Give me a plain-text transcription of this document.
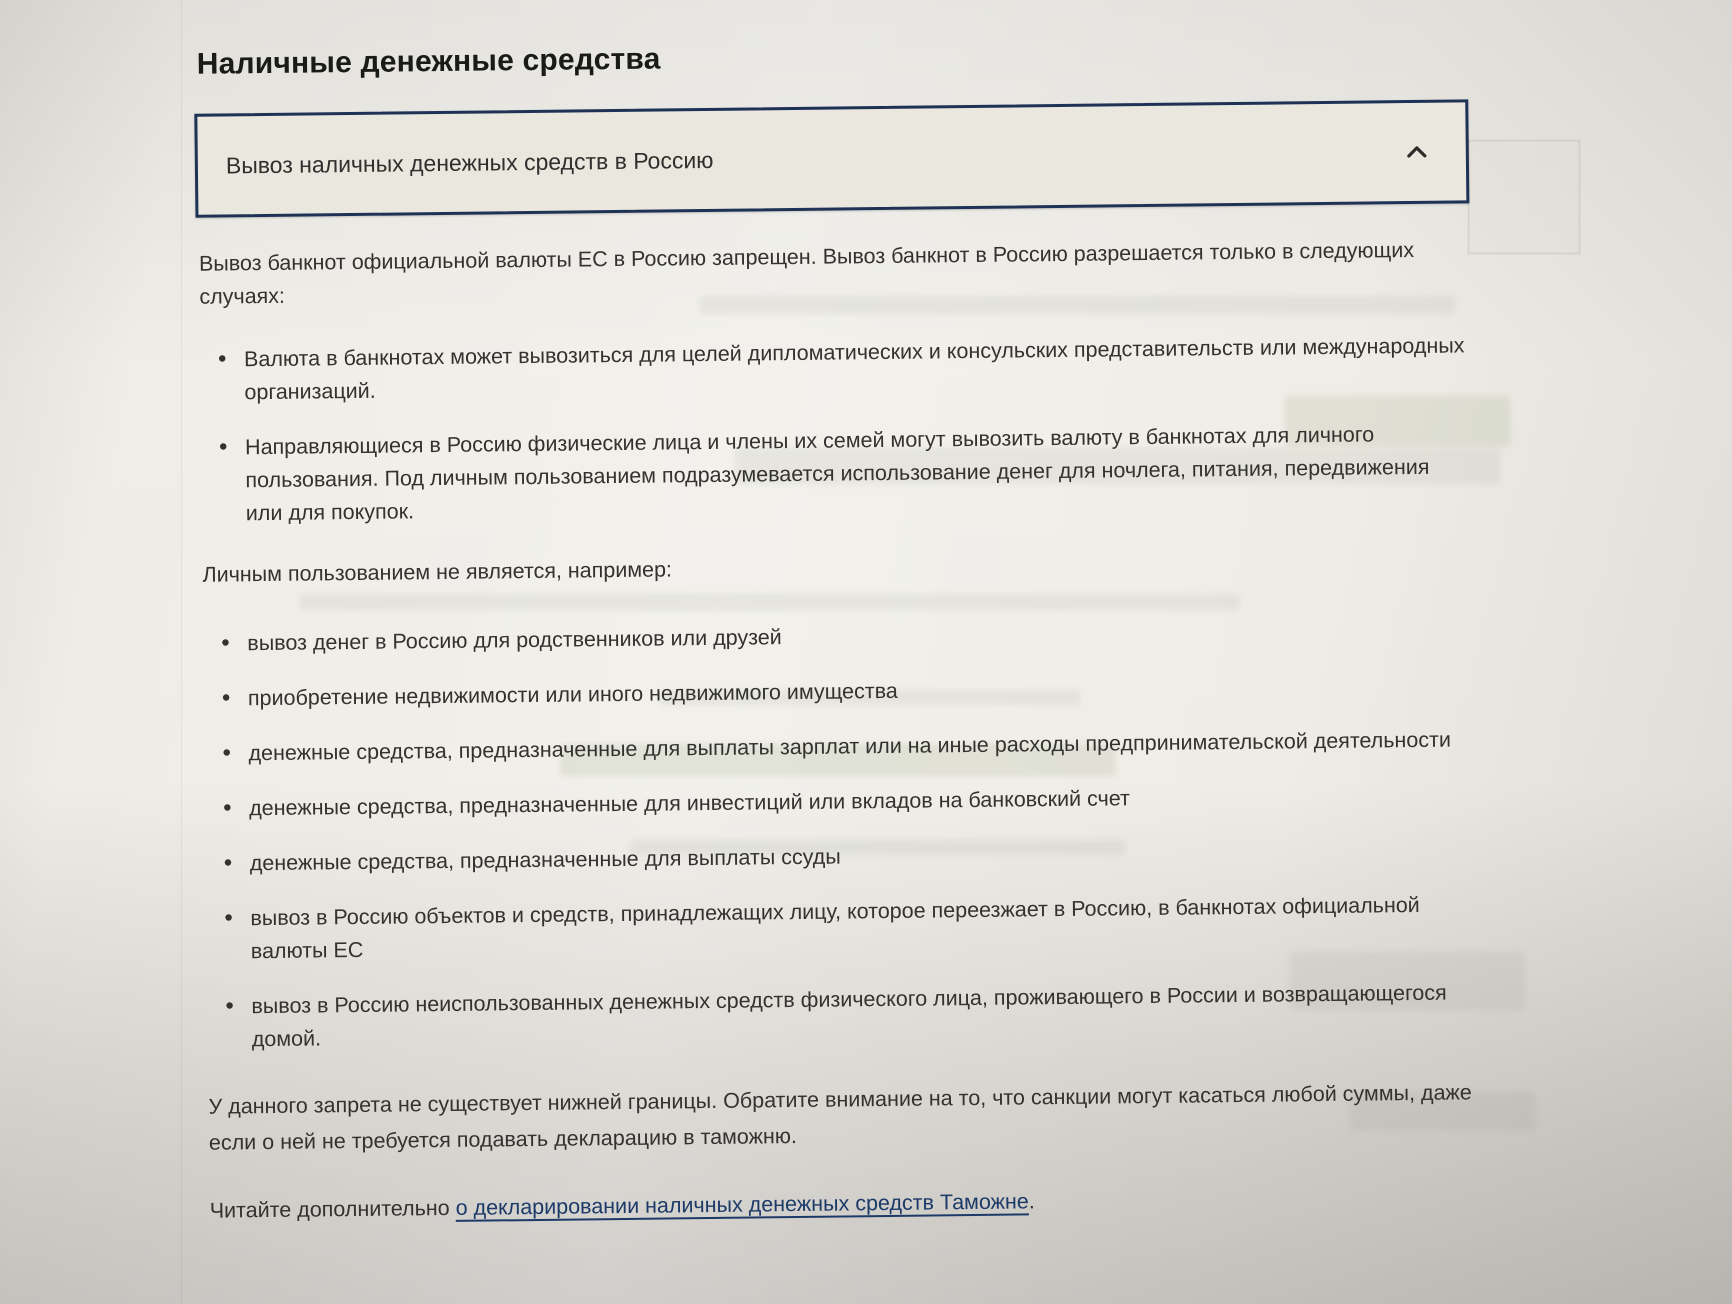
Наличные денежные средства
Вывоз наличных денежных средств в Россию

Вывоз банкнот официальной валюты ЕС в Россию запрещен. Вывоз банкнот в Россию разрешается только в следующих случаях:

• Валюта в банкнотах может вывозиться для целей дипломатических и консульских представительств или международных организаций.
• Направляющиеся в Россию физические лица и члены их семей могут вывозить валюту в банкнотах для личного пользования. Под личным пользованием подразумевается использование денег для ночлега, питания, передвижения или для покупок.

Личным пользованием не является, например:

• вывоз денег в Россию для родственников или друзей
• приобретение недвижимости или иного недвижимого имущества
• денежные средства, предназначенные для выплаты зарплат или на иные расходы предпринимательской деятельности
• денежные средства, предназначенные для инвестиций или вкладов на банковский счет
• денежные средства, предназначенные для выплаты ссуды
• вывоз в Россию объектов и средств, принадлежащих лицу, которое переезжает в Россию, в банкнотах официальной валюты ЕС
• вывоз в Россию неиспользованных денежных средств физического лица, проживающего в России и возвращающегося домой.

У данного запрета не существует нижней границы. Обратите внимание на то, что санкции могут касаться любой суммы, даже если о ней не требуется подавать декларацию в таможню.

Читайте дополнительно о декларировании наличных денежных средств Таможне.
